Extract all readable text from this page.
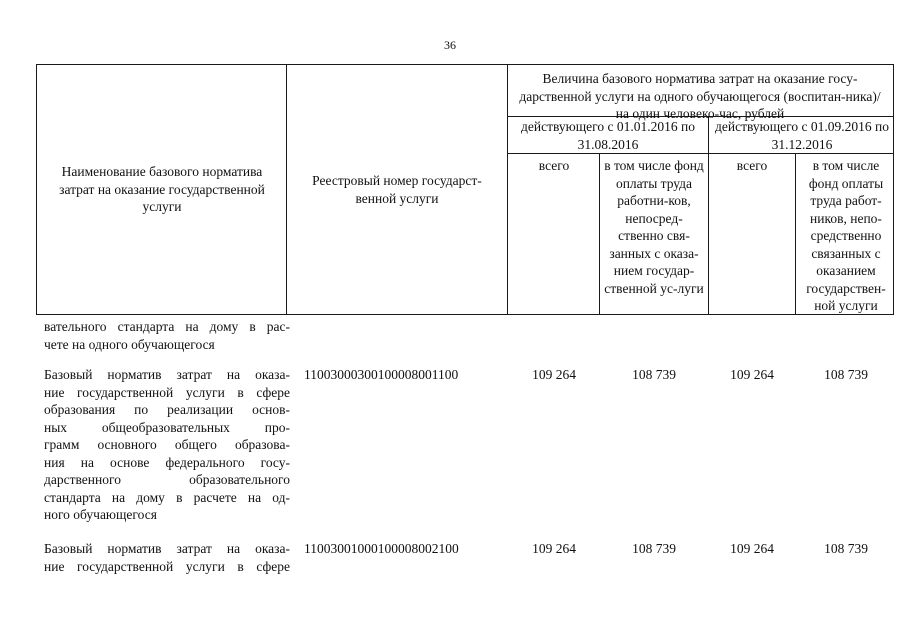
36
Наименование базового норматива затрат на оказание государственной услуги
Реестровый номер государст-венной услуги
Величина базового норматива затрат на оказание госу-дарственной услуги на одного обучающегося (воспитан-ника)/ на один человеко-час, рублей
действующего с 01.01.2016 по 31.08.2016
действующего с 01.09.2016 по 31.12.2016
всего	в том числе фонд оплаты труда работни-ков, непосред-ственно свя-занных с оказа-нием государ-ственной ус-луги
всего	в том числе фонд оплаты труда работ-ников, непо-средственно связанных с оказанием государствен-ной услуги
вательного стандарта на дому в рас-
чете на одного обучающегося
Базовый норматив затрат на оказа-
ние государственной услуги в сфере
образования по реализации основ-
ных общеобразовательных про-
грамм основного общего образова-
ния на основе федерального госу-
дарственного образовательного
стандарта на дому в расчете на од-
ного обучающегося
11003000300100008001100	109 264	108 739	109 264	108 739
Базовый норматив затрат на оказа-
ние государственной услуги в сфере
11003001000100008002100	109 264	108 739	109 264	108 739
